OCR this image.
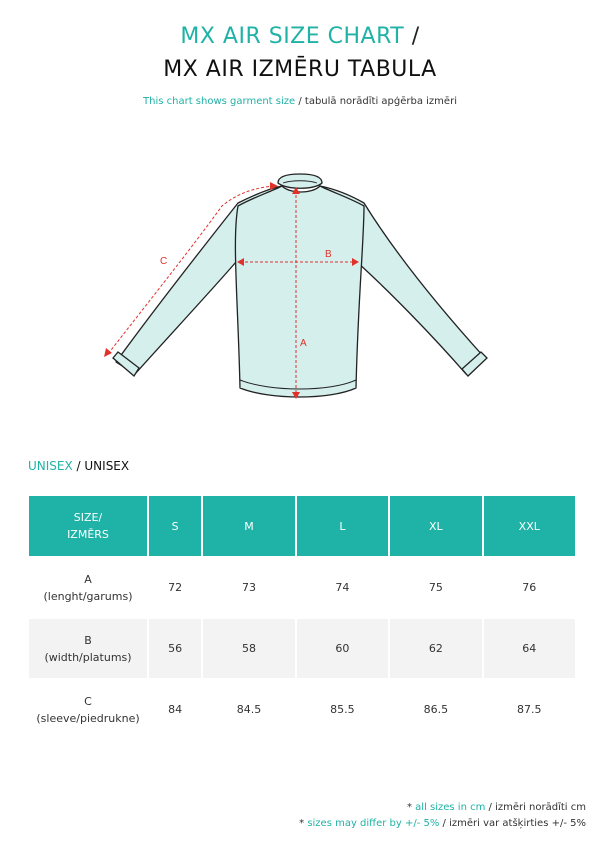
MX AIR SIZE CHART /
MX AIR IZMĒRU TABULA
This chart shows garment size / tabulā norādīti apģērba izmēri
A
B
C
UNISEX / UNISEX
SIZE/
IZMĒRS	S	M	L	XL	XXL
A
(lenght/garums)	72	73	74	75	76
B
(width/platums)	56	58	60	62	64
C
(sleeve/piedrukne)	84	84.5	85.5	86.5	87.5
* all sizes in cm / izmēri norādīti cm
* sizes may differ by +/- 5% / izmēri var atšķirties +/- 5%
